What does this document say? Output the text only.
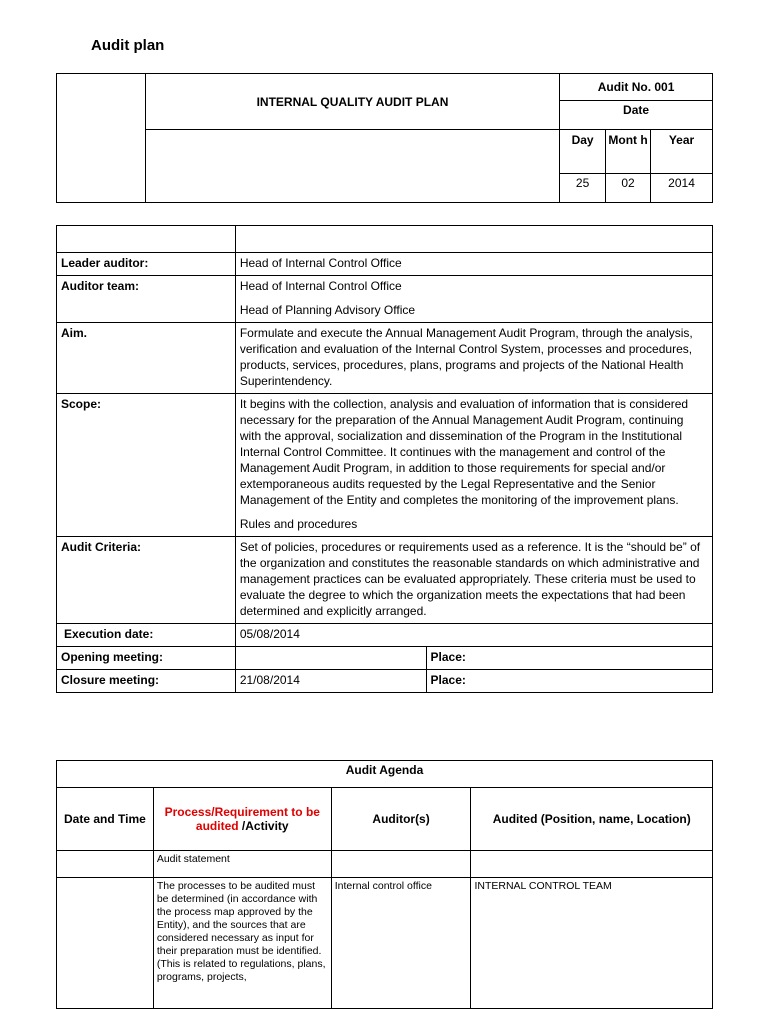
Audit plan
	INTERNAL QUALITY AUDIT PLAN	Audit No. 001		
		Date		
		Day	Mont h	Year
		25	02	2014

Leader auditor:	Head of Internal Control Office	
Auditor team:	Head of Internal Control Office

Head of Planning Advisory Office	

Aim.	Formulate and execute the Annual Management Audit Program, through the analysis, verification and evaluation of the Internal Control System, processes and procedures, products, services, procedures, plans, programs and projects of the National Health Superintendency.	
Scope:	It begins with the collection, analysis and evaluation of information that is considered necessary for the preparation of the Annual Management Audit Program, continuing with the approval, socialization and dissemination of the Program in the Institutional Internal Control Committee. It continues with the management and control of the Management Audit Program, in addition to those requirements for special and/or extemporaneous audits requested by the Legal Representative and the Senior Management of the Entity and completes the monitoring of the improvement plans.

Rules and procedures	

Audit Criteria:	Set of policies, procedures or requirements used as a reference. It is the “should be” of the organization and constitutes the reasonable standards on which administrative and management practices can be evaluated appropriately. These criteria must be used to evaluate the degree to which the organization meets the expectations that had been determined and explicitly arranged.	
Execution date:	05/08/2014	
Opening meeting:		Place:
Closure meeting:	21/08/2014	Place:
Audit Agenda			
Date and Time	Process/Requirement to be audited /Activity	Auditor(s)	Audited (Position, name, Location)
	Audit statement		
	The processes to be audited must be determined (in accordance with the process map approved by the Entity), and the sources that are considered necessary as input for their preparation must be identified. (This is related to regulations, plans, programs, projects,	Internal control office	INTERNAL CONTROL TEAM
